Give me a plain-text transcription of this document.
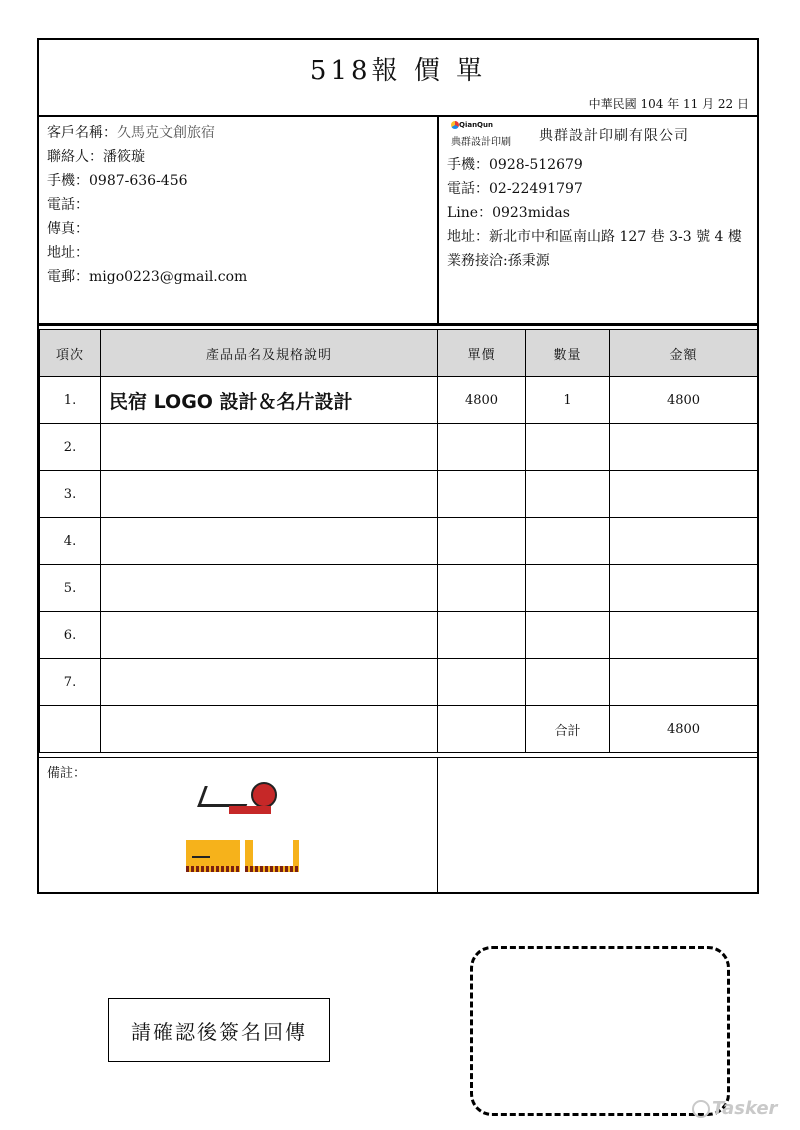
518報 價 單
中華民國 104 年 11 月 22 日
客戶名稱：久馬克文創旅宿
聯絡人：潘筱璇
手機：0987-636-456
電話：
傳真：
地址：
電郵：migo0223@gmail.com
QianQun
典群設計印刷 典群設計印刷有限公司
手機：0928-512679
電話：02-22491797
Line：0923midas
地址：新北市中和區南山路 127 巷 3-3 號 4 樓
業務接洽:孫秉源
項次	產品品名及規格說明	單價	數量	金額
1.	民宿 LOGO 設計＆名片設計	4800	1	4800
2.				
3.				
4.				
5.				
6.				
7.				
			合計	4800
備註：
請確認後簽名回傳
Tasker
